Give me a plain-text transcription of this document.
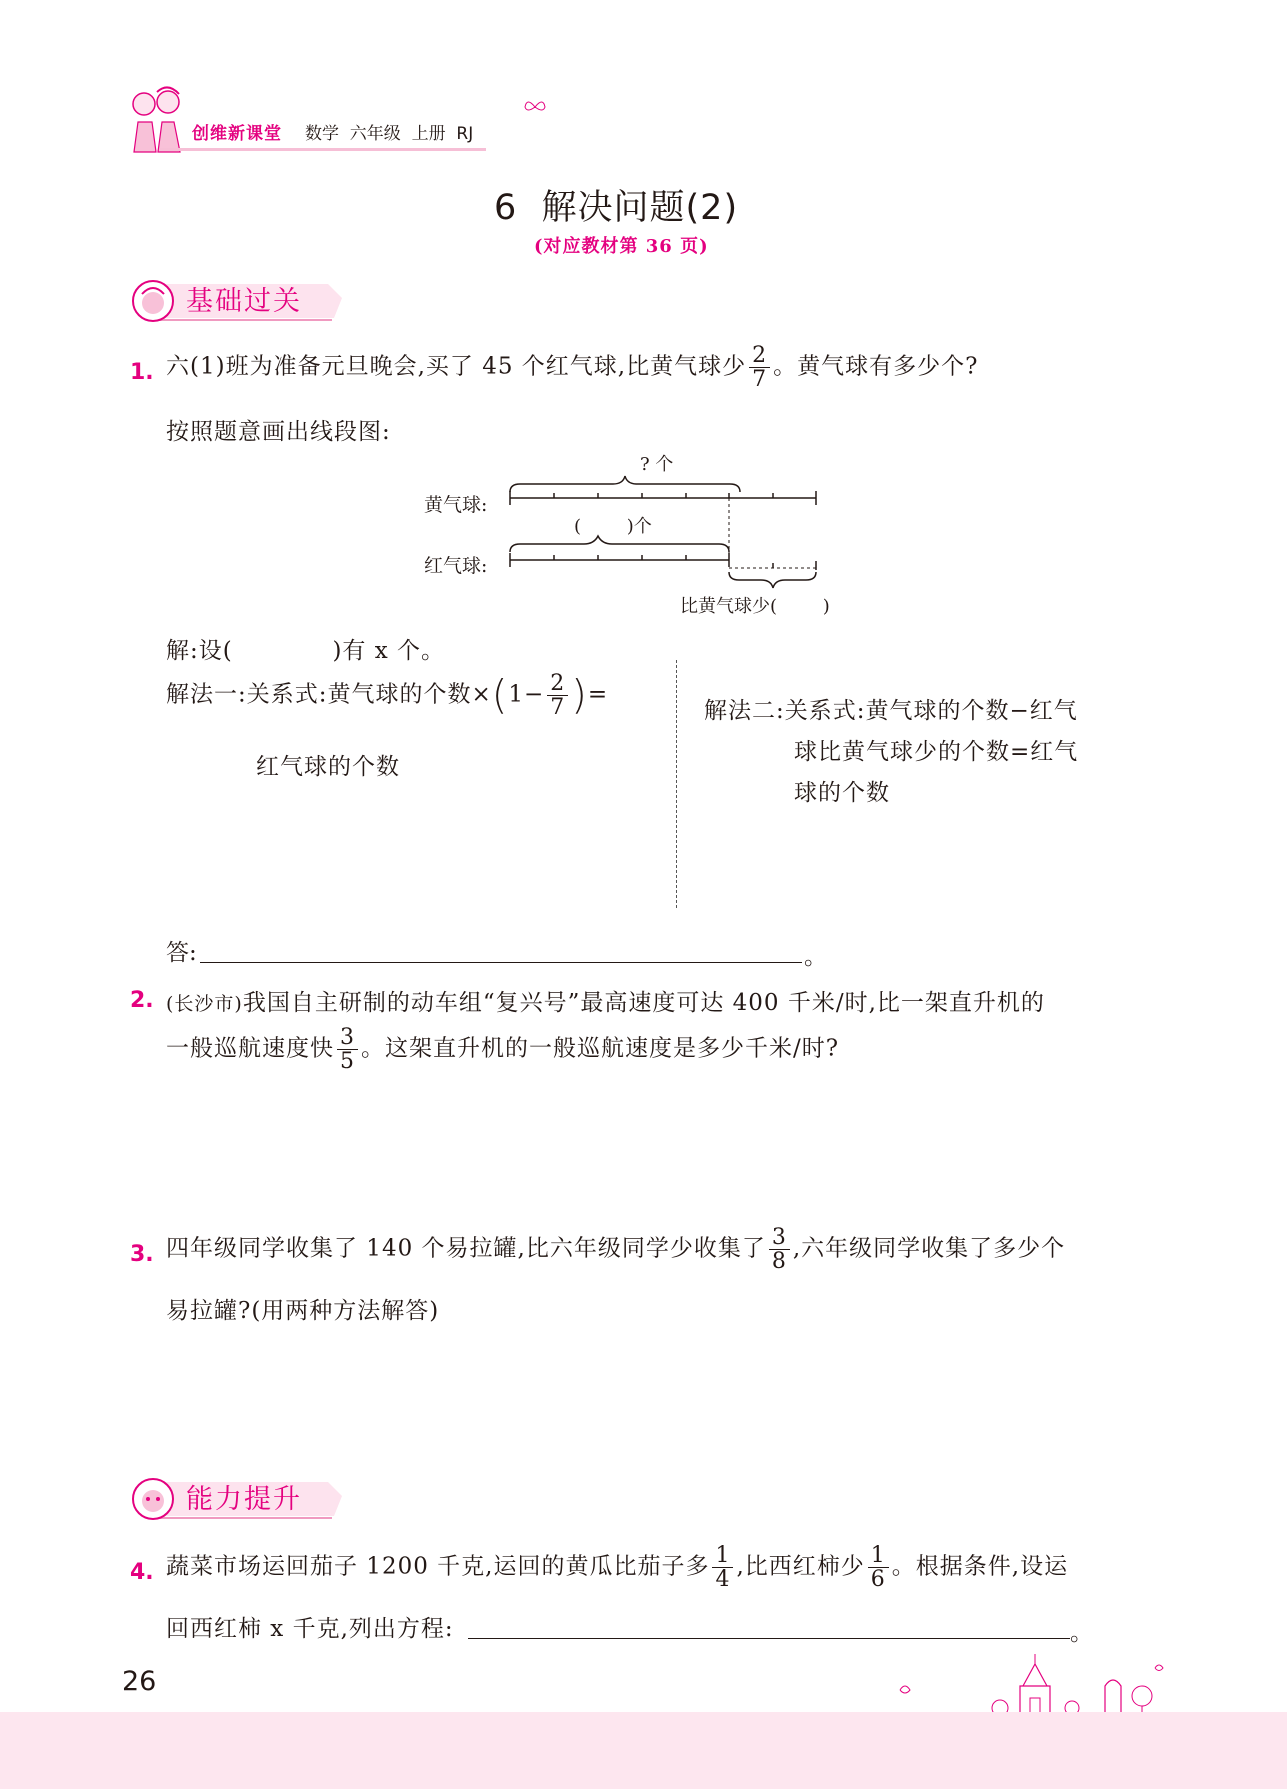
创维新课堂 数学  六年级  上册  RJ
6  解决问题(2)
(对应教材第 36 页)
基础过关
1. 六(1)班为准备元旦晚会,买了 45 个红气球,比黄气球少 $\frac{2}{7}$ 。黄气球有多少个?
按照题意画出线段图:
? 个
黄气球:
(        )个
红气球:
比黄气球少(        )
解:设(            )有 x 个。
解法一:关系式:黄气球的个数$\times(1- \frac{2}{7}$ )=
红气球的个数
解法二:关系式:黄气球的个数−红气
球比黄气球少的个数=红气
球的个数
答:	。
2. (长沙市)我国自主研制的动车组“复兴号”最高速度可达 400 千米/时,比一架直升机的
一般巡航速度快 $\frac{3}{5}$ 。这架直升机的一般巡航速度是多少千米/时?
3. 四年级同学收集了 140 个易拉罐,比六年级同学少收集了 $\frac{3}{8}$ ,六年级同学收集了多少个
易拉罐?(用两种方法解答)
能力提升
4. 蔬菜市场运回茄子 1200 千克,运回的黄瓜比茄子多 $\frac{1}{4}$ ,比西红柿少 $\frac{1}{6}$ 。根据条件,设运
回西红柿 x 千克,列出方程:	。
26
